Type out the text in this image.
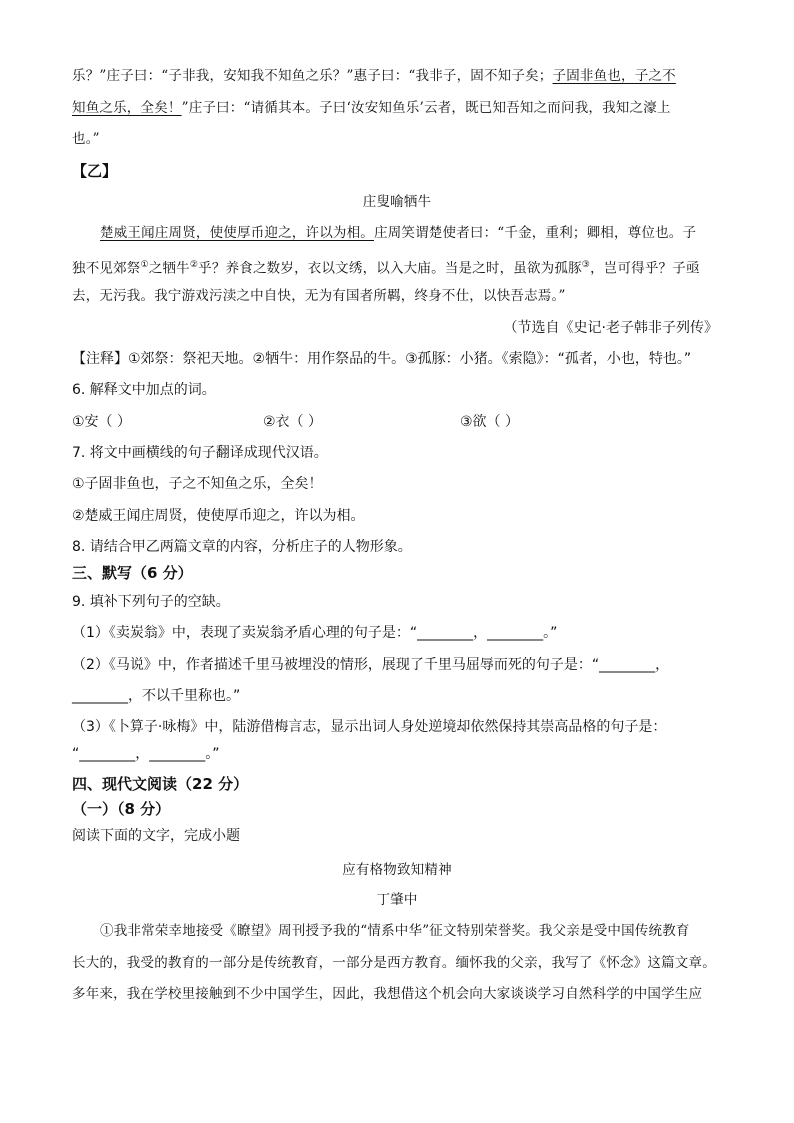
乐？”庄子曰：“子非我，安知我不知鱼之乐？”惠子曰：“我非子，固不知子矣；子固非鱼也，子之不
知鱼之乐，全矣！”庄子曰：“请循其本。子曰‘汝安知鱼乐’云者，既已知吾知之而问我，我知之濠上
也。”
【乙】
庄叟喻牺牛
楚威王闻庄周贤，使使厚币迎之，许以为相。庄周笑谓楚使者曰：“千金，重利；卿相，尊位也。子
独不见郊祭①之牺牛②乎？养食之数岁，衣以文绣，以入大庙。当是之时，虽欲为孤豚③，岂可得乎？子亟
去，无污我。我宁游戏污渎之中自快，无为有国者所羁，终身不仕，以快吾志焉。”
（节选自《史记·老子韩非子列传》
【注释】①郊祭：祭祀天地。②牺牛：用作祭品的牛。③孤豚：小猪。《索隐》：“孤者，小也，特也。”
6. 解释文中加点的词。
①安（ ）	②衣（ ）	③欲（ ）
7. 将文中画横线的句子翻译成现代汉语。
①子固非鱼也，子之不知鱼之乐，全矣！
②楚威王闻庄周贤，使使厚币迎之，许以为相。
8. 请结合甲乙两篇文章的内容，分析庄子的人物形象。
三、默写（6 分）
9. 填补下列句子的空缺。
（1）《卖炭翁》中，表现了卖炭翁矛盾心理的句子是：“________，________。”
（2）《马说》中，作者描述千里马被埋没的情形，展现了千里马屈辱而死的句子是：“________，
________，不以千里称也。”
（3）《卜算子·咏梅》中，陆游借梅言志，显示出词人身处逆境却依然保持其崇高品格的句子是：
“________，________。”
四、现代文阅读（22 分）
（一）（8 分）
阅读下面的文字，完成小题
应有格物致知精神
丁肇中
①我非常荣幸地接受《瞭望》周刊授予我的“情系中华”征文特别荣誉奖。我父亲是受中国传统教育
长大的，我受的教育的一部分是传统教育，一部分是西方教育。缅怀我的父亲，我写了《怀念》这篇文章。
多年来，我在学校里接触到不少中国学生，因此，我想借这个机会向大家谈谈学习自然科学的中国学生应
